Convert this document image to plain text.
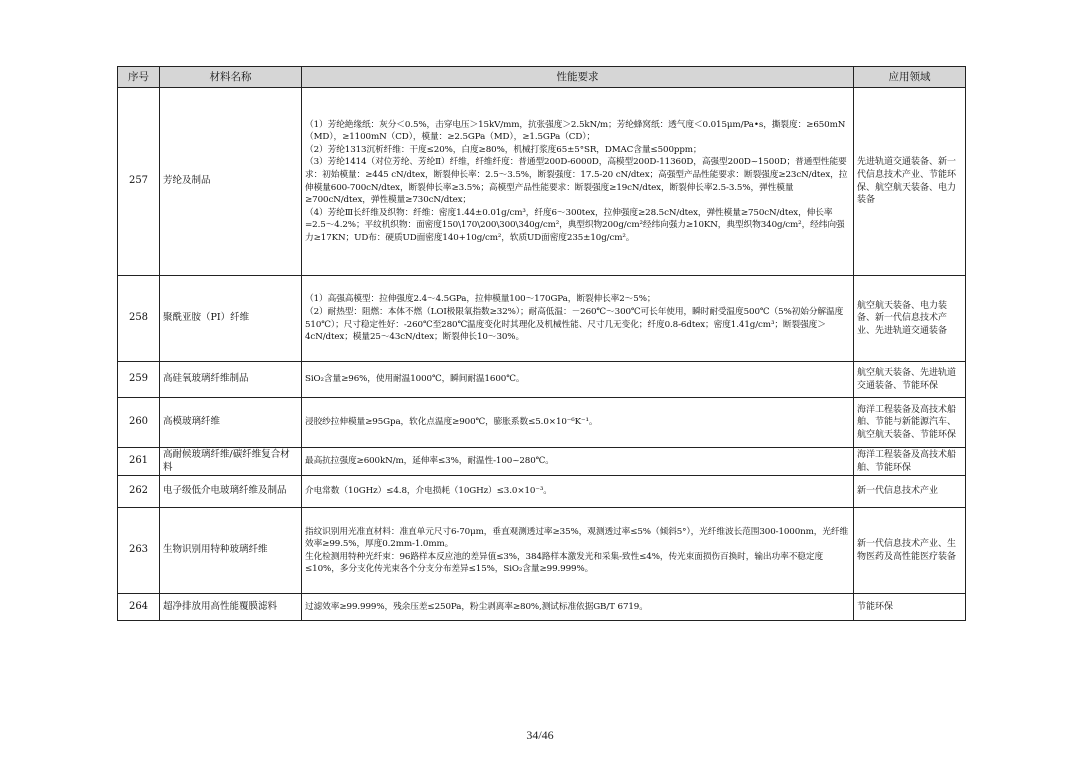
序号	材料名称	性能要求	应用领域
257	芳纶及制品	（1）芳纶絶缘纸：灰分＜0.5%，击穿电压＞15kV/mm，抗张强度＞2.5kN/m；芳纶蜂窝纸：透气度＜0.015μm/Pa•s，撕裂度：≥650mN（MD），≥1100mN（CD），模量：≥2.5GPa（MD），≥1.5GPa（CD）；
（2）芳纶1313沉析纤维：干度≤20%，白度≥80%，机械打浆度65±5°SR，DMAC含量≤500ppm；
（3）芳纶1414（对位芳纶、芳纶Ⅱ）纤维，纤维纤度：普通型200D-6000D，高模型200D-11360D，高强型200D~1500D；普通型性能要求：初始模量：≥445 cN/dtex，断裂伸长率：2.5～3.5%，断裂强度：17.5-20 cN/dtex；高强型产品性能要求：断裂强度≥23cN/dtex，拉伸模量600-700cN/dtex，断裂伸长率≥3.5%；高模型产品性能要求：断裂强度≥19cN/dtex，断裂伸长率2.5-3.5%，弹性模量≥700cN/dtex，弹性模量≥730cN/dtex；
（4）芳纶Ⅲ长纤维及织物：纤维：密度1.44±0.01g/cm³，纤度6～300tex，拉伸强度≥28.5cN/dtex，弹性模量≥750cN/dtex，伸长率=2.5～4.2%；平纹机织物：面密度150\170\200\300\340g/cm²，典型织物200g/cm²经纬向强力≥10KN，典型织物340g/cm²，经纬向强力≥17KN；UD布：硬质UD面密度140+10g/cm²，软质UD面密度235±10g/cm²。	先进轨道交通装备、新一代信息技术产业、节能环保、航空航天装备、电力装备
258	聚酰亚胺（PI）纤维	（1）高强高模型：拉伸强度2.4～4.5GPa，拉伸模量100～170GPa，断裂伸长率2～5%；
（2）耐热型：阻燃：本体不燃（LOI极限氧指数≥32%）；耐高低温：－260℃～300℃可长年使用，瞬时耐受温度500℃（5%初始分解温度510℃）；尺寸稳定性好：-260℃至280℃温度变化时其理化及机械性能、尺寸几无变化；纤度0.8-6dtex；密度1.41g/cm³；断裂强度＞4cN/dtex；模量25～43cN/dtex；断裂伸长10～30%。	航空航天装备、电力装备、新一代信息技术产业、先进轨道交通装备
259	高硅氧玻璃纤维制品	SiO₂含量≥96%，使用耐温1000℃，瞬间耐温1600℃。	航空航天装备、先进轨道交通装备、节能环保
260	高模玻璃纤维	浸胶纱拉伸模量≥95Gpa，软化点温度≥900℃，膨胀系数≤5.0×10⁻⁶K⁻¹。	海洋工程装备及高技术船舶、节能与新能源汽车、航空航天装备、节能环保
261	高耐候玻璃纤维/碳纤维复合材料	最高抗拉强度≥600kN/m，延伸率≤3%，耐温性-100~280℃。	海洋工程装备及高技术船舶、节能环保
262	电子级低介电玻璃纤维及制品	介电常数（10GHz）≤4.8，介电损耗（10GHz）≤3.0×10⁻³。	新一代信息技术产业
263	生物识别用特种玻璃纤维	指纹识别用光准直材料：准直单元尺寸6-70μm，垂直观测透过率≥35%，观测透过率≤5%（倾斜5°），光纤维波长范围300-1000nm，光纤维效率≥99.5%，厚度0.2mm-1.0mm。
生化检测用特种光纤束：96路样本反应池的差异值≤3%，384路样本激发光和采集-致性≤4%，传光束面损伤百换时，输出功率不稳定度≤10%，多分支化传光束各个分支分布差异≤15%，SiO₂含量≥99.999%。	新一代信息技术产业、生物医药及高性能医疗装备
264	超净排放用高性能覆膜滤料	过滤效率≥99.999%，残余压差≤250Pa，粉尘剥离率≥80%,测试标准依据GB/T 6719。	节能环保
34/46
